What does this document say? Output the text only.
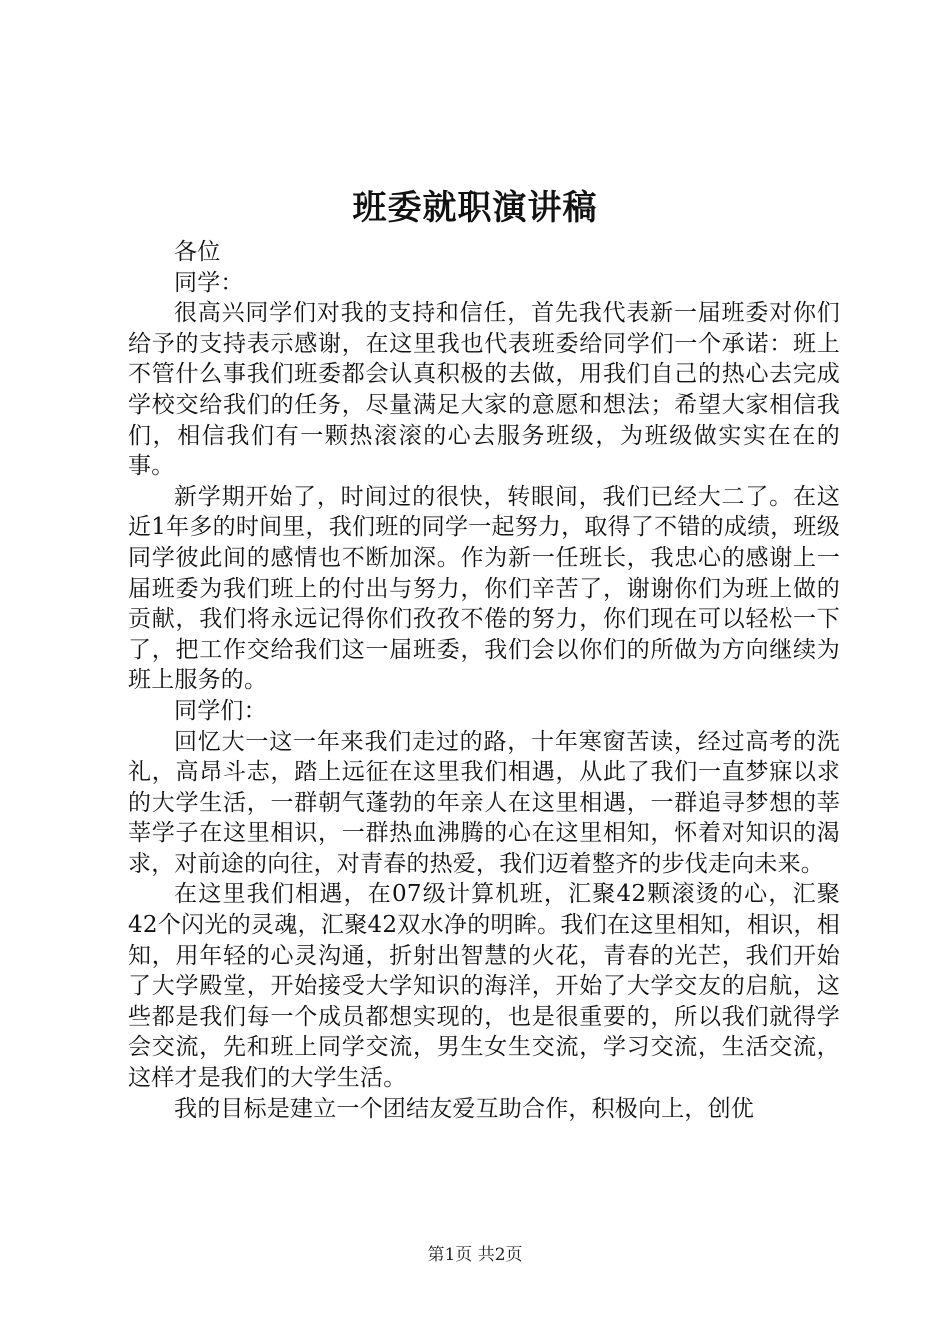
班委就职演讲稿

各位

同学：

很高兴同学们对我的支持和信任，首先我代表新一届班委对你们给予的支持表示感谢，在这里我也代表班委给同学们一个承诺：班上不管什么事我们班委都会认真积极的去做，用我们自己的热心去完成学校交给我们的任务，尽量满足大家的意愿和想法；希望大家相信我们，相信我们有一颗热滚滚的心去服务班级，为班级做实实在在的事。

新学期开始了，时间过的很快，转眼间，我们已经大二了。在这近1年多的时间里，我们班的同学一起努力，取得了不错的成绩，班级同学彼此间的感情也不断加深。作为新一任班长，我忠心的感谢上一届班委为我们班上的付出与努力，你们辛苦了，谢谢你们为班上做的贡献，我们将永远记得你们孜孜不倦的努力，你们现在可以轻松一下了，把工作交给我们这一届班委，我们会以你们的所做为方向继续为班上服务的。

同学们：

回忆大一这一年来我们走过的路，十年寒窗苦读，经过高考的洗礼，高昂斗志，踏上远征在这里我们相遇，从此了我们一直梦寐以求的大学生活，一群朝气蓬勃的年亲人在这里相遇，一群追寻梦想的莘莘学子在这里相识，一群热血沸腾的心在这里相知，怀着对知识的渴求，对前途的向往，对青春的热爱，我们迈着整齐的步伐走向未来。

在这里我们相遇，在07级计算机班，汇聚42颗滚烫的心，汇聚42个闪光的灵魂，汇聚42双水净的明眸。我们在这里相知，相识，相知，用年轻的心灵沟通，折射出智慧的火花，青春的光芒，我们开始了大学殿堂，开始接受大学知识的海洋，开始了大学交友的启航，这些都是我们每一个成员都想实现的，也是很重要的，所以我们就得学会交流，先和班上同学交流，男生女生交流，学习交流，生活交流，这样才是我们的大学生活。

我的目标是建立一个团结友爱互助合作，积极向上，创优

第1页 共2页
